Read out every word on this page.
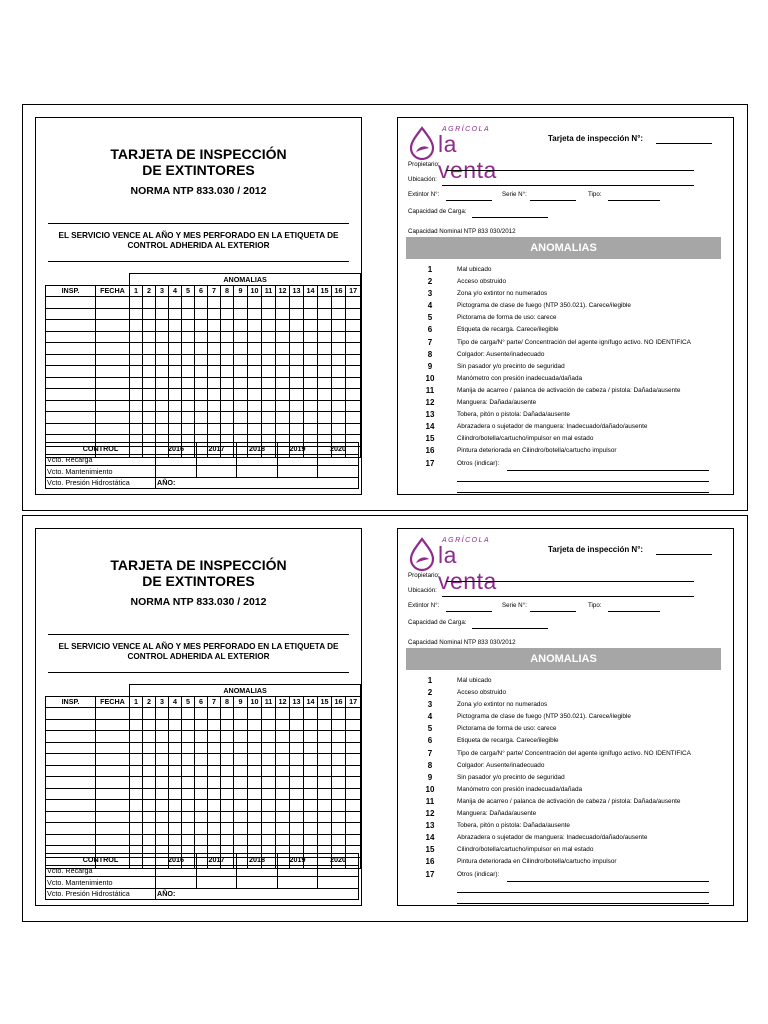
TARJETA DE INSPECCIÓN
DE EXTINTORES
NORMA NTP 833.030 / 2012
EL SERVICIO VENCE AL AÑO Y MES PERFORADO EN LA ETIQUETA DE
CONTROL ADHERIDA AL EXTERIOR
		ANOMALIAS																
INSP.	FECHA	1	2	3	4	5	6	7	8	9	10	11	12	13	14	15	16	17

CONTROL	2016	2017	2018	2019	2020
Vcto. Recarga					
Vcto. Mantenimiento					
Vcto. Presión Hidrostática	AÑO:				
AGRÍCOLA
la venta
Tarjeta de inspección N°:
Propietario:
Ubicación:
Extintor N°:	Serie N°:	Tipo:
Capacidad de Carga:
Capacidad Nominal NTP 833 030/2012
ANOMALIAS
1	Mal ubicado
2	Acceso obstruido
3	Zona y/o extintor no numerados
4	Pictograma de clase de fuego (NTP 350.021). Carece/ilegible
5	Pictorama de forma de uso: carece
6	Etiqueta de recarga. Carece/ilegible
7	Tipo de carga/N° parte/ Concentración del agente ignífugo activo. NO IDENTIFICA
8	Colgador: Ausente/inadecuado
9	Sin pasador y/o precinto de seguridad
10	Manómetro con presión inadecuada/dañada
11	Manija de acarreo / palanca de activación de cabeza / pistola: Dañada/ausente
12	Manguera: Dañada/ausente
13	Tobera, pitón o pistola: Dañada/ausente
14	Abrazadera o sujetador de manguera: Inadecuado/dañado/ausente
15	Cilindro/botella/cartucho/impulsor en mal estado
16	Pintura deteriorada en Cilindro/botella/cartucho impulsor
17	Otros (indicar):
TARJETA DE INSPECCIÓN
DE EXTINTORES
NORMA NTP 833.030 / 2012
EL SERVICIO VENCE AL AÑO Y MES PERFORADO EN LA ETIQUETA DE
CONTROL ADHERIDA AL EXTERIOR
		ANOMALIAS																
INSP.	FECHA	1	2	3	4	5	6	7	8	9	10	11	12	13	14	15	16	17

CONTROL	2016	2017	2018	2019	2020
Vcto. Recarga					
Vcto. Mantenimiento					
Vcto. Presión Hidrostática	AÑO:				
AGRÍCOLA
la venta
Tarjeta de inspección N°:
Propietario:
Ubicación:
Extintor N°:	Serie N°:	Tipo:
Capacidad de Carga:
Capacidad Nominal NTP 833 030/2012
ANOMALIAS
1	Mal ubicado
2	Acceso obstruido
3	Zona y/o extintor no numerados
4	Pictograma de clase de fuego (NTP 350.021). Carece/ilegible
5	Pictorama de forma de uso: carece
6	Etiqueta de recarga. Carece/ilegible
7	Tipo de carga/N° parte/ Concentración del agente ignífugo activo. NO IDENTIFICA
8	Colgador: Ausente/inadecuado
9	Sin pasador y/o precinto de seguridad
10	Manómetro con presión inadecuada/dañada
11	Manija de acarreo / palanca de activación de cabeza / pistola: Dañada/ausente
12	Manguera: Dañada/ausente
13	Tobera, pitón o pistola: Dañada/ausente
14	Abrazadera o sujetador de manguera: Inadecuado/dañado/ausente
15	Cilindro/botella/cartucho/impulsor en mal estado
16	Pintura deteriorada en Cilindro/botella/cartucho impulsor
17	Otros (indicar):
